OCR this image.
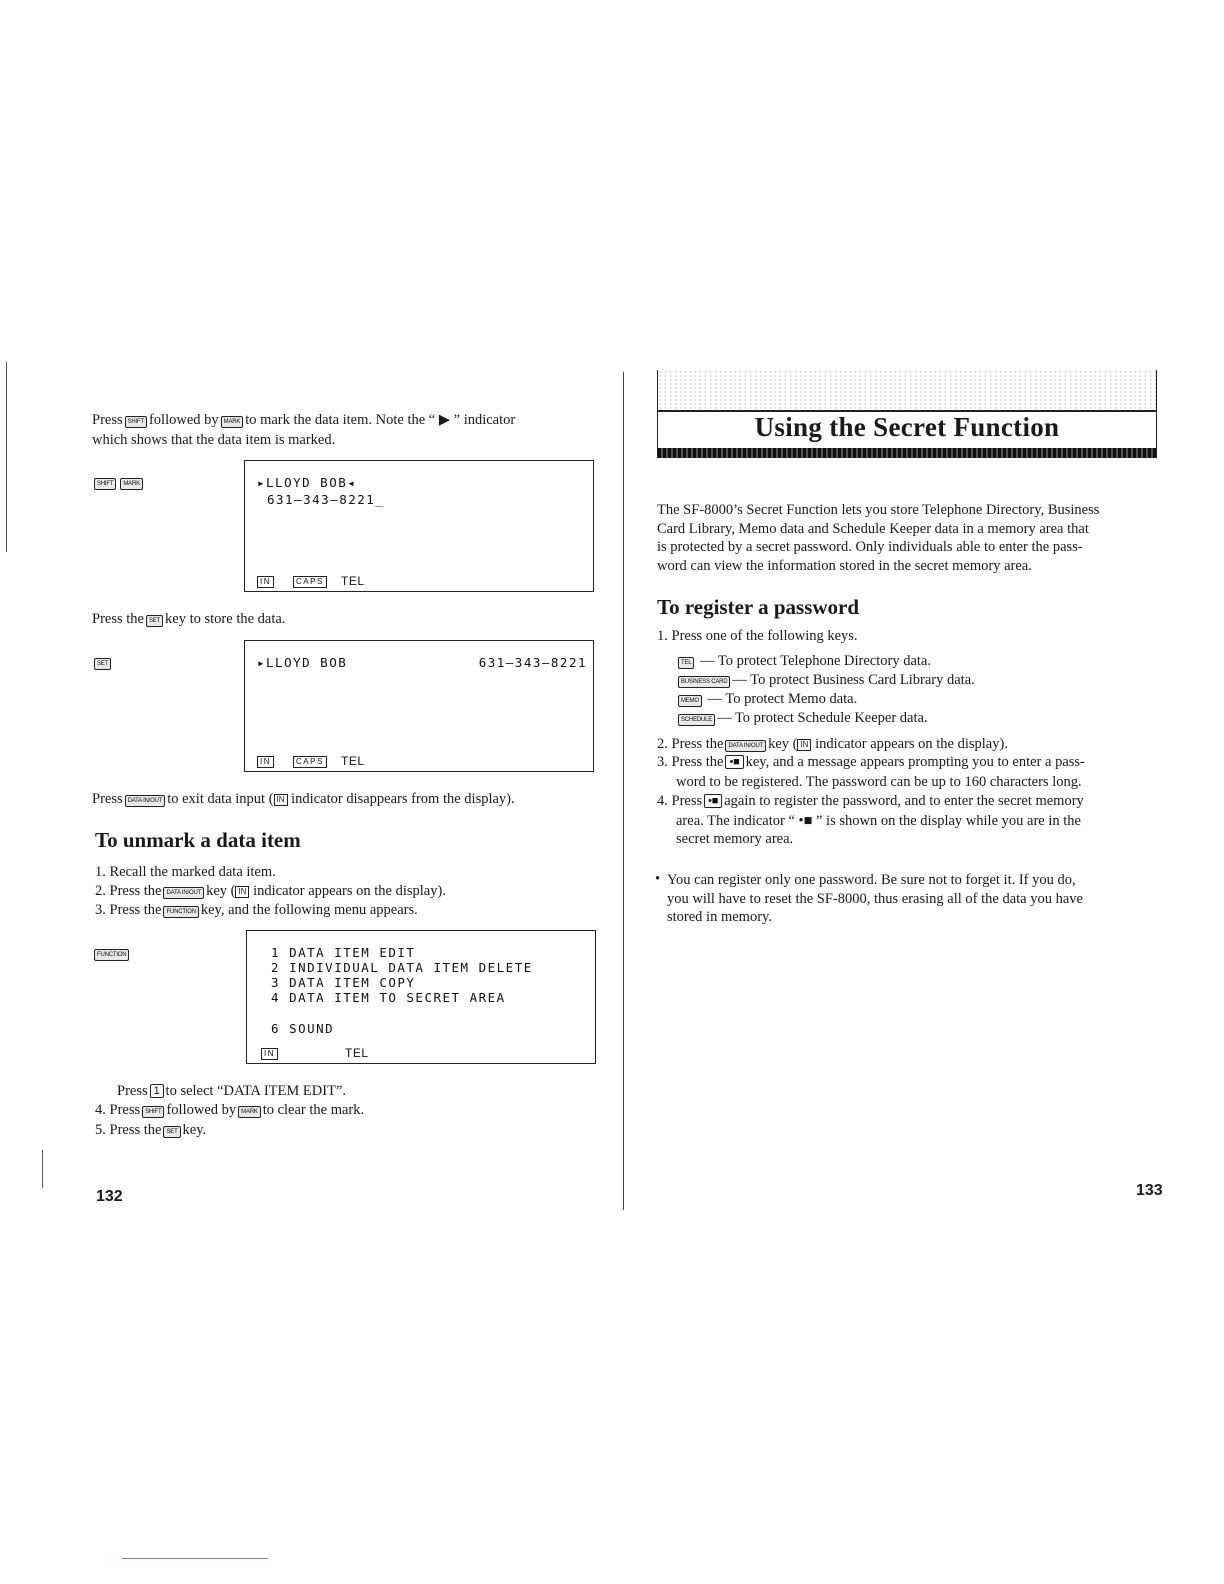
Press SHIFT followed by MARK to mark the data item. Note the “ ▶ ” indicator
which shows that the data item is marked.
SHIFT MARK	▸LLOYD BOB◂
631–343–8221_
IN	CAPS TEL
Press the SET key to store the data.
SET	▸LLOYD BOB	631–343–8221
IN	CAPS TEL
Press DATA IN/OUT to exit data input ( IN indicator disappears from the display).
To unmark a data item
1. Recall the marked data item.
2. Press the DATA IN/OUT key ( IN indicator appears on the display).
3. Press the FUNCTION key, and the following menu appears.
FUNCTION	1 DATA ITEM EDIT
2 INDIVIDUAL DATA ITEM DELETE
3 DATA ITEM COPY
4 DATA ITEM TO SECRET AREA
6 SOUND
IN	TEL
Press 1 to select “DATA ITEM EDIT”.
4. Press SHIFT followed by MARK to clear the mark.
5. Press the SET key.
132
Using the Secret Function
The SF-8000’s Secret Function lets you store Telephone Directory, Business
Card Library, Memo data and Schedule Keeper data in a memory area that
is protected by a secret password. Only individuals able to enter the pass-
word can view the information stored in the secret memory area.
To register a password
1. Press one of the following keys.
TEL — To protect Telephone Directory data.
BUSINESS CARD — To protect Business Card Library data.
MEMO — To protect Memo data.
SCHEDULE — To protect Schedule Keeper data.
2. Press the DATA IN/OUT key ( IN indicator appears on the display).
3. Press the •■ key, and a message appears prompting you to enter a pass-
word to be registered. The password can be up to 160 characters long.
4. Press •■ again to register the password, and to enter the secret memory
area. The indicator “ •■ ” is shown on the display while you are in the
secret memory area.
• You can register only one password. Be sure not to forget it. If you do,
you will have to reset the SF-8000, thus erasing all of the data you have
stored in memory.
133
